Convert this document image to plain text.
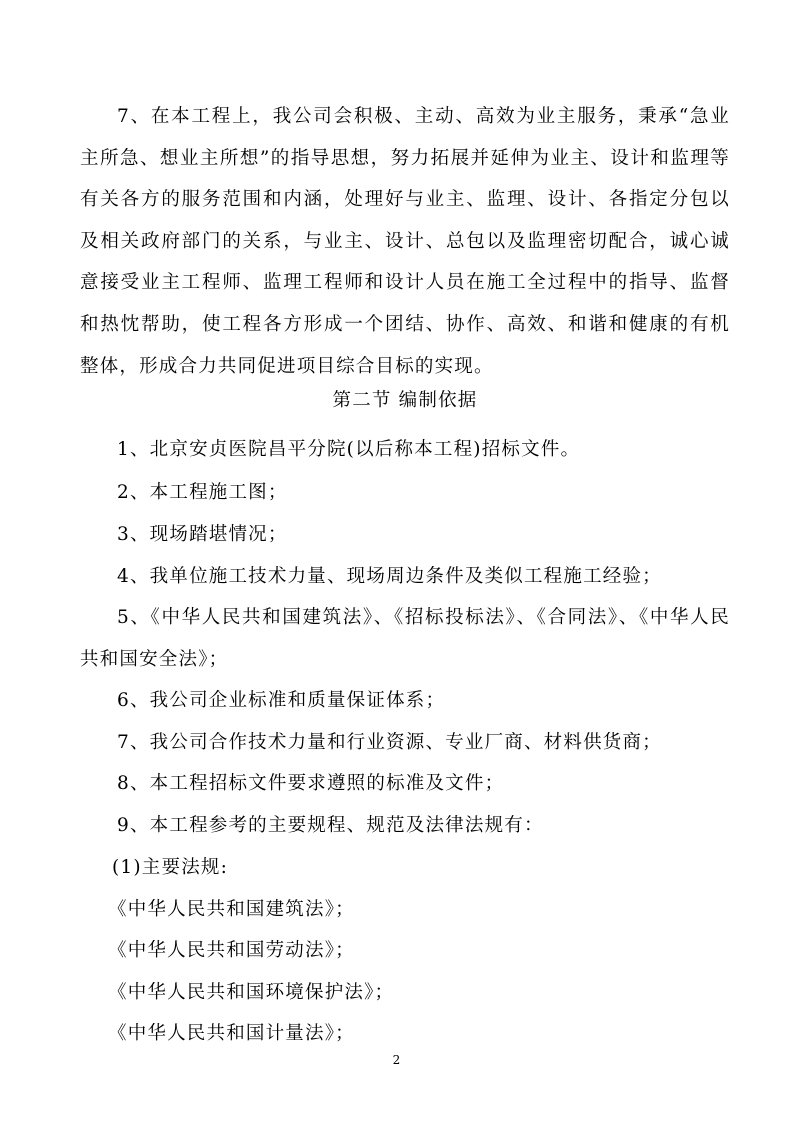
7、在本工程上，我公司会积极、主动、高效为业主服务，秉承“急业主所急、想业主所想”的指导思想，努力拓展并延伸为业主、设计和监理等有关各方的服务范围和内涵，处理好与业主、监理、设计、各指定分包以及相关政府部门的关系，与业主、设计、总包以及监理密切配合，诚心诚意接受业主工程师、监理工程师和设计人员在施工全过程中的指导、监督和热忱帮助，使工程各方形成一个团结、协作、高效、和谐和健康的有机整体，形成合力共同促进项目综合目标的实现。

第二节 编制依据

1、北京安贞医院昌平分院(以后称本工程)招标文件。

2、本工程施工图；

3、现场踏堪情况；

4、我单位施工技术力量、现场周边条件及类似工程施工经验；

5、《中华人民共和国建筑法》、《招标投标法》、《合同法》、《中华人民共和国安全法》；

6、我公司企业标准和质量保证体系；

7、我公司合作技术力量和行业资源、专业厂商、材料供货商；

8、本工程招标文件要求遵照的标准及文件；

9、本工程参考的主要规程、规范及法律法规有：

(1)主要法规:

《中华人民共和国建筑法》；

《中华人民共和国劳动法》；

《中华人民共和国环境保护法》；

《中华人民共和国计量法》；

2
